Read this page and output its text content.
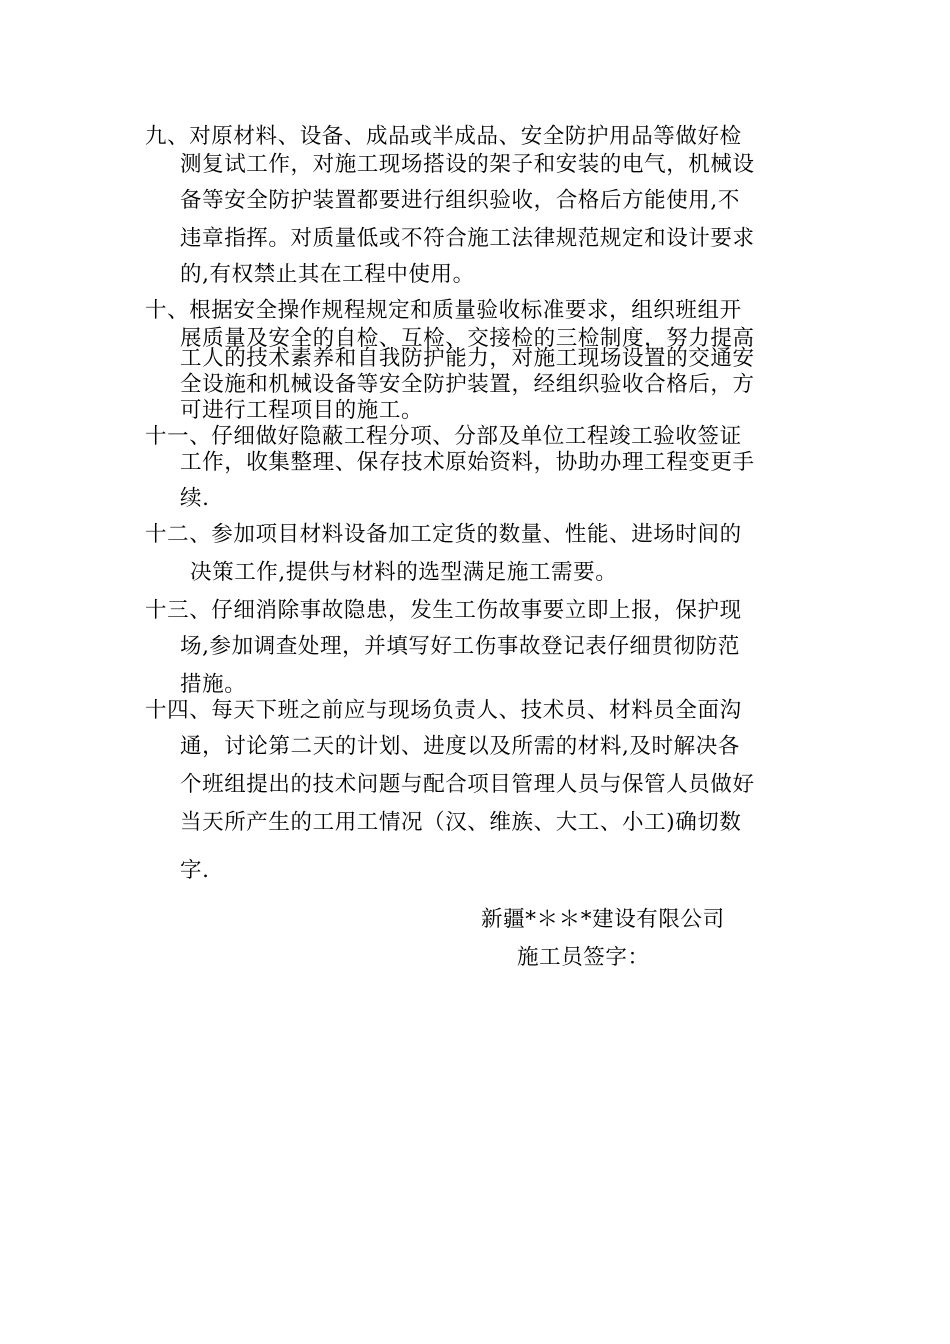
九、对原材料、设备、成品或半成品、安全防护用品等做好检
测复试工作，对施工现场搭设的架子和安装的电气，机械设
备等安全防护装置都要进行组织验收，合格后方能使用,不
违章指挥。对质量低或不符合施工法律规范规定和设计要求
的,有权禁止其在工程中使用。
十、根据安全操作规程规定和质量验收标准要求，组织班组开
展质量及安全的自检、互检、交接检的三检制度，努力提高
工人的技术素养和自我防护能力，对施工现场设置的交通安
全设施和机械设备等安全防护装置，经组织验收合格后，方
可进行工程项目的施工。
十一、仔细做好隐蔽工程分项、分部及单位工程竣工验收签证
工作，收集整理、保存技术原始资料，协助办理工程变更手
续.
十二、参加项目材料设备加工定货的数量、性能、进场时间的
决策工作,提供与材料的选型满足施工需要。
十三、仔细消除事故隐患，发生工伤故事要立即上报，保护现
场,参加调查处理，并填写好工伤事故登记表仔细贯彻防范
措施。
十四、每天下班之前应与现场负责人、技术员、材料员全面沟
通，讨论第二天的计划、进度以及所需的材料,及时解决各
个班组提出的技术问题与配合项目管理人员与保管人员做好
当天所产生的工用工情况（汉、维族、大工、小工)确切数
字.
新疆*＊＊*建设有限公司
施工员签字：
